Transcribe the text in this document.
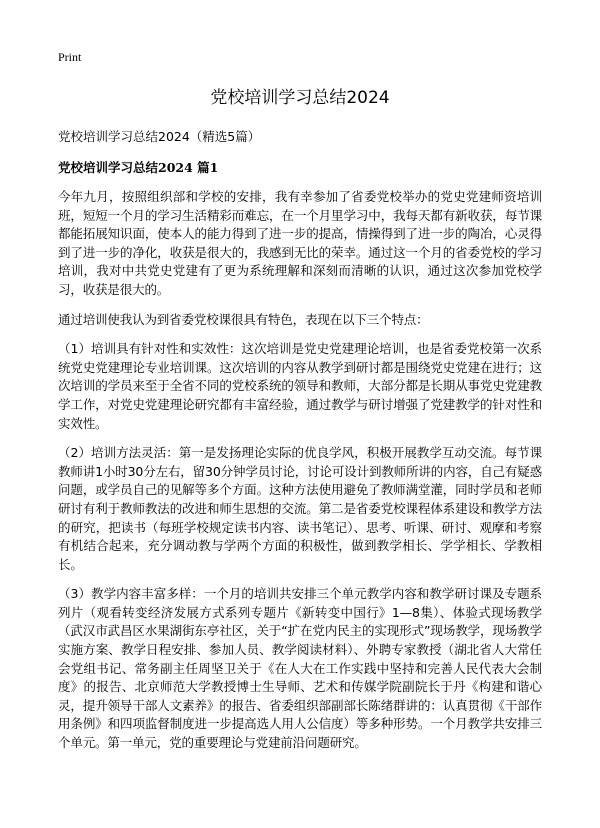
Print
党校培训学习总结2024

党校培训学习总结2024（精选5篇）

党校培训学习总结2024 篇1

今年九月，按照组织部和学校的安排，我有幸参加了省委党校举办的党史党建师资培训班，短短一个月的学习生活精彩而难忘，在一个月里学习中，我每天都有新收获，每节课都能拓展知识面，使本人的能力得到了进一步的提高，情操得到了进一步的陶冶，心灵得到了进一步的净化，收获是很大的，我感到无比的荣幸。通过这一个月的省委党校的学习培训，我对中共党史党建有了更为系统理解和深刻而清晰的认识，通过这次参加党校学习，收获是很大的。

通过培训使我认为到省委党校课很具有特色，表现在以下三个特点：

（1）培训具有针对性和实效性：这次培训是党史党建理论培训，也是省委党校第一次系统党史党建理论专业培训课。这次培训的内容从教学到研讨都是围绕党史党建在进行；这次培训的学员来至于全省不同的党校系统的领导和教师，大部分都是长期从事党史党建教学工作，对党史党建理论研究都有丰富经验，通过教学与研讨增强了党建教学的针对性和实效性。

（2）培训方法灵活：第一是发扬理论实际的优良学风，积极开展教学互动交流。每节课教师讲1小时30分左右，留30分钟学员讨论，讨论可设计到教师所讲的内容，自己有疑惑问题，或学员自己的见解等多个方面。这种方法使用避免了教师满堂灌，同时学员和老师研讨有利于教师教法的改进和师生思想的交流。第二是省委党校课程体系建设和教学方法的研究，把读书（每班学校规定读书内容、读书笔记）、思考、听课、研讨、观摩和考察有机结合起来，充分调动教与学两个方面的积极性，做到教学相长、学学相长、学教相长。

（3）教学内容丰富多样：一个月的培训共安排三个单元教学内容和教学研讨课及专题系列片（观看转变经济发展方式系列专题片《新转变中国行》1—8集）、体验式现场教学（武汉市武昌区水果湖街东亭社区，关于“扩在党内民主的实现形式”现场教学，现场教学实施方案、教学日程安排、参加人员、教学阅读材料）、外聘专家教授（湖北省人大常任会党组书记、常务副主任周坚卫关于《在人大在工作实践中坚持和完善人民代表大会制度》的报告、北京师范大学教授博士生导师、艺术和传媒学院副院长于丹《构建和谐心灵，提升领导干部人文素养》的报告、省委组织部副部长陈绪群讲的：认真贯彻《干部作用条例》和四项监督制度进一步提高选人用人公信度）等多种形势。一个月教学共安排三个单元。第一单元，党的重要理论与党建前沿问题研究。
